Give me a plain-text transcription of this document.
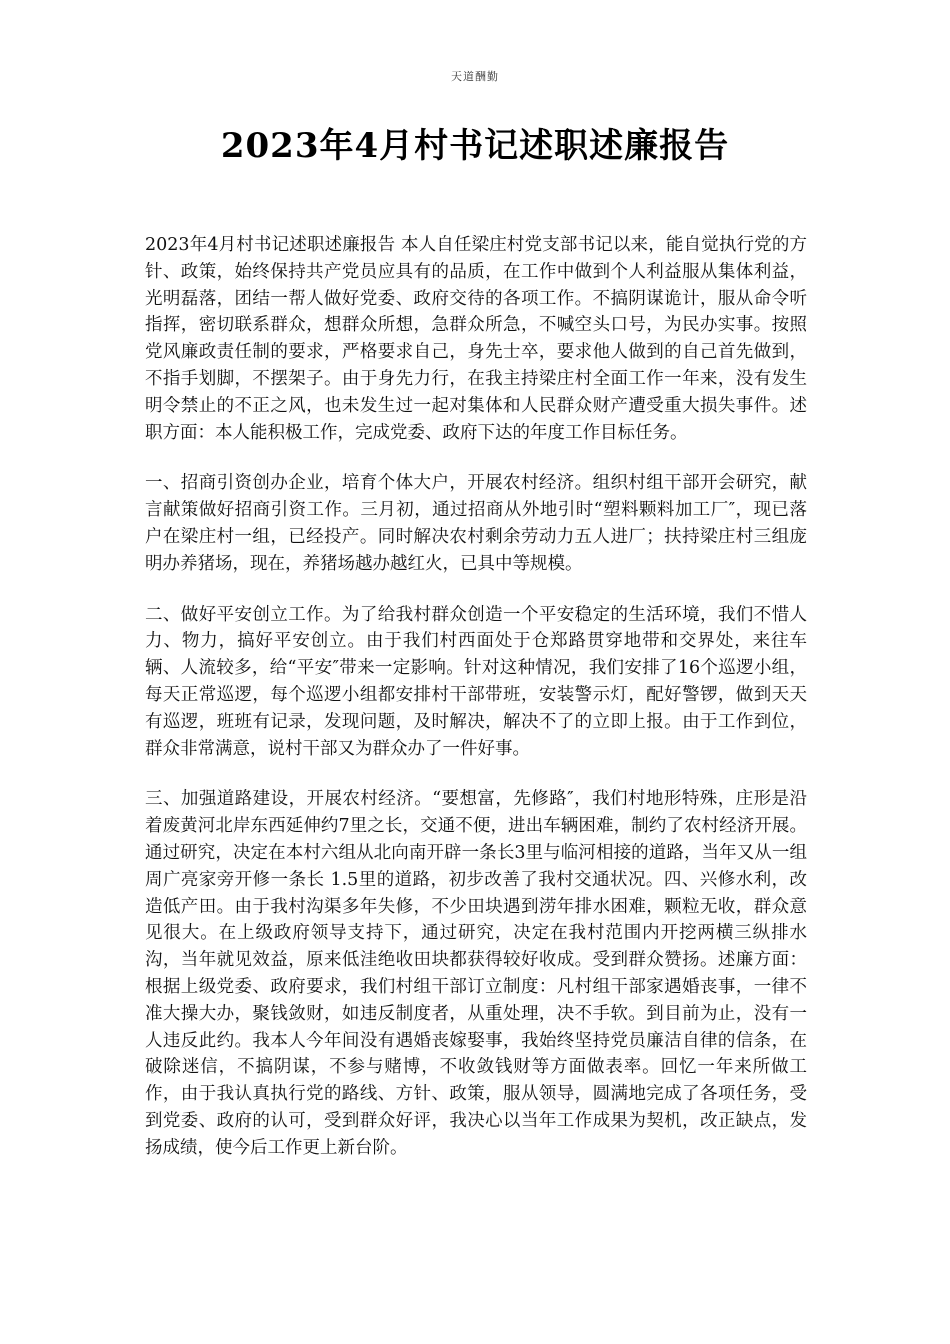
天道酬勤
2023年4月村书记述职述廉报告

2023年4月村书记述职述廉报告 本人自任梁庄村党支部书记以来，能自觉执行党的方针、政策，始终保持共产党员应具有的品质，在工作中做到个人利益服从集体利益，光明磊落，团结一帮人做好党委、政府交待的各项工作。不搞阴谋诡计，服从命令听指挥，密切联系群众，想群众所想，急群众所急，不喊空头口号，为民办实事。按照党风廉政责任制的要求，严格要求自己，身先士卒，要求他人做到的自己首先做到，不指手划脚，不摆架子。由于身先力行，在我主持梁庄村全面工作一年来，没有发生明令禁止的不正之风，也未发生过一起对集体和人民群众财产遭受重大损失事件。述职方面：本人能积极工作，完成党委、政府下达的年度工作目标任务。

一、招商引资创办企业，培育个体大户，开展农村经济。组织村组干部开会研究，献言献策做好招商引资工作。三月初，通过招商从外地引时“塑料颗料加工厂″，现已落户在梁庄村一组，已经投产。同时解决农村剩余劳动力五人进厂；扶持梁庄村三组庞明办养猪场，现在，养猪场越办越红火，已具中等规模。

二、做好平安创立工作。为了给我村群众创造一个平安稳定的生活环境，我们不惜人力、物力，搞好平安创立。由于我们村西面处于仓郑路贯穿地带和交界处，来往车辆、人流较多，给“平安″带来一定影响。针对这种情况，我们安排了16个巡逻小组，每天正常巡逻，每个巡逻小组都安排村干部带班，安装警示灯，配好警锣，做到天天有巡逻，班班有记录，发现问题，及时解决，解决不了的立即上报。由于工作到位，群众非常满意，说村干部又为群众办了一件好事。

三、加强道路建设，开展农村经济。“要想富，先修路″，我们村地形特殊，庄形是沿着废黄河北岸东西延伸约7里之长，交通不便，进出车辆困难，制约了农村经济开展。通过研究，决定在本村六组从北向南开辟一条长3里与临河相接的道路，当年又从一组周广亮家旁开修一条长 1.5里的道路，初步改善了我村交通状况。四、兴修水利，改造低产田。由于我村沟渠多年失修，不少田块遇到涝年排水困难，颗粒无收，群众意见很大。在上级政府领导支持下，通过研究，决定在我村范围内开挖两横三纵排水沟，当年就见效益，原来低洼绝收田块都获得较好收成。受到群众赞扬。述廉方面：根据上级党委、政府要求，我们村组干部订立制度：凡村组干部家遇婚丧事，一律不准大操大办，聚钱敛财，如违反制度者，从重处理，决不手软。到目前为止，没有一人违反此约。我本人今年间没有遇婚丧嫁娶事，我始终坚持党员廉洁自律的信条，在破除迷信，不搞阴谋，不参与赌博，不收敛钱财等方面做表率。回忆一年来所做工作，由于我认真执行党的路线、方针、政策，服从领导，圆满地完成了各项任务，受到党委、政府的认可，受到群众好评，我决心以当年工作成果为契机，改正缺点，发扬成绩，使今后工作更上新台阶。
